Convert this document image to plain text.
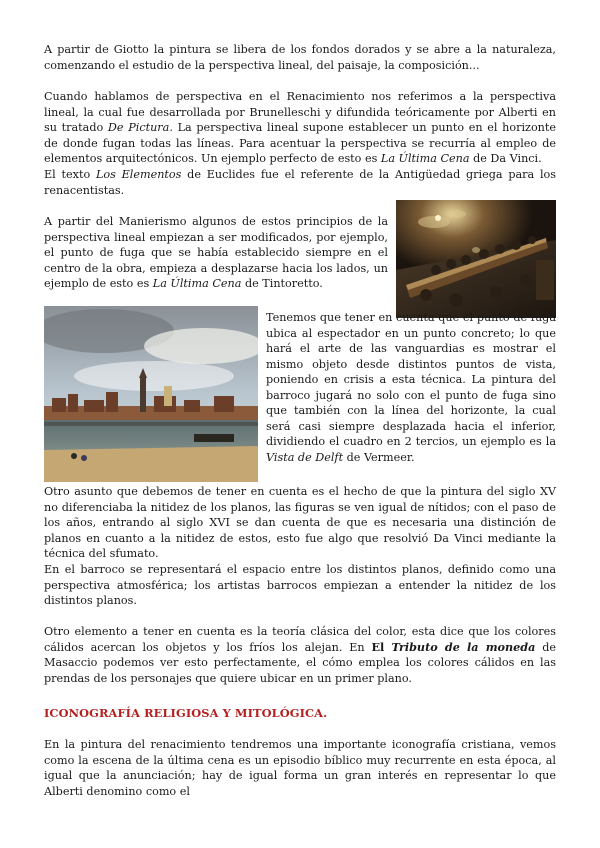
A partir de Giotto la pintura se libera de los fondos dorados y se abre a la naturaleza, comenzando el estudio de la perspectiva lineal, del paisaje, la composición...

Cuando hablamos de perspectiva en el Renacimiento nos referimos a la perspectiva lineal, la cual fue desarrollada por Brunelleschi y difundida teóricamente por Alberti en su tratado De Pictura. La perspectiva lineal supone establecer un punto en el horizonte de donde fugan todas las líneas. Para acentuar la perspectiva se recurría al empleo de elementos arquitectónicos. Un ejemplo perfecto de esto es La Última Cena de Da Vinci.

El texto Los Elementos de Euclides fue el referente de la Antigüedad griega para los renacentistas.

A partir del Manierismo algunos de estos principios de la perspectiva lineal empiezan a ser modificados, por ejemplo, el punto de fuga que se había establecido siempre en el centro de la obra, empieza a desplazarse hacia los lados, un ejemplo de esto es La Última Cena de Tintoretto.

Tenemos que tener en cuenta que el punto de fuga ubica al espectador en un punto concreto; lo que hará el arte de las vanguardias es mostrar el mismo objeto desde distintos puntos de vista, poniendo en crisis a esta técnica. La pintura del barroco jugará no solo con el punto de fuga sino que también con la línea del horizonte, la cual será casi siempre desplazada hacia el inferior, dividiendo el cuadro en 2 tercios, un ejemplo es la Vista de Delft de Vermeer.

Otro asunto que debemos de tener en cuenta es el hecho de que la pintura del siglo XV no diferenciaba la nitidez de los planos, las figuras se ven igual de nítidos; con el paso de los años, entrando al siglo XVI se dan cuenta de que es necesaria una distinción de planos en cuanto a la nitidez de estos, esto fue algo que resolvió Da Vinci mediante la técnica del sfumato.

En el barroco se representará el espacio entre los distintos planos, definido como una perspectiva atmosférica; los artistas barrocos empiezan a entender la nitidez de los distintos planos.

Otro elemento a tener en cuenta es la teoría clásica del color, esta dice que los colores cálidos acercan los objetos y los fríos los alejan. En El Tributo de la moneda de Masaccio podemos ver esto perfectamente, el cómo emplea los colores cálidos en las prendas de los personajes que quiere ubicar en un primer plano.

ICONOGRAFÍA RELIGIOSA Y MITOLÓGICA.

En la pintura del renacimiento tendremos una importante iconografía cristiana, vemos como la escena de la última cena es un episodio bíblico muy recurrente en esta época, al igual que la anunciación; hay de igual forma un gran interés en representar lo que Alberti denomino como el
